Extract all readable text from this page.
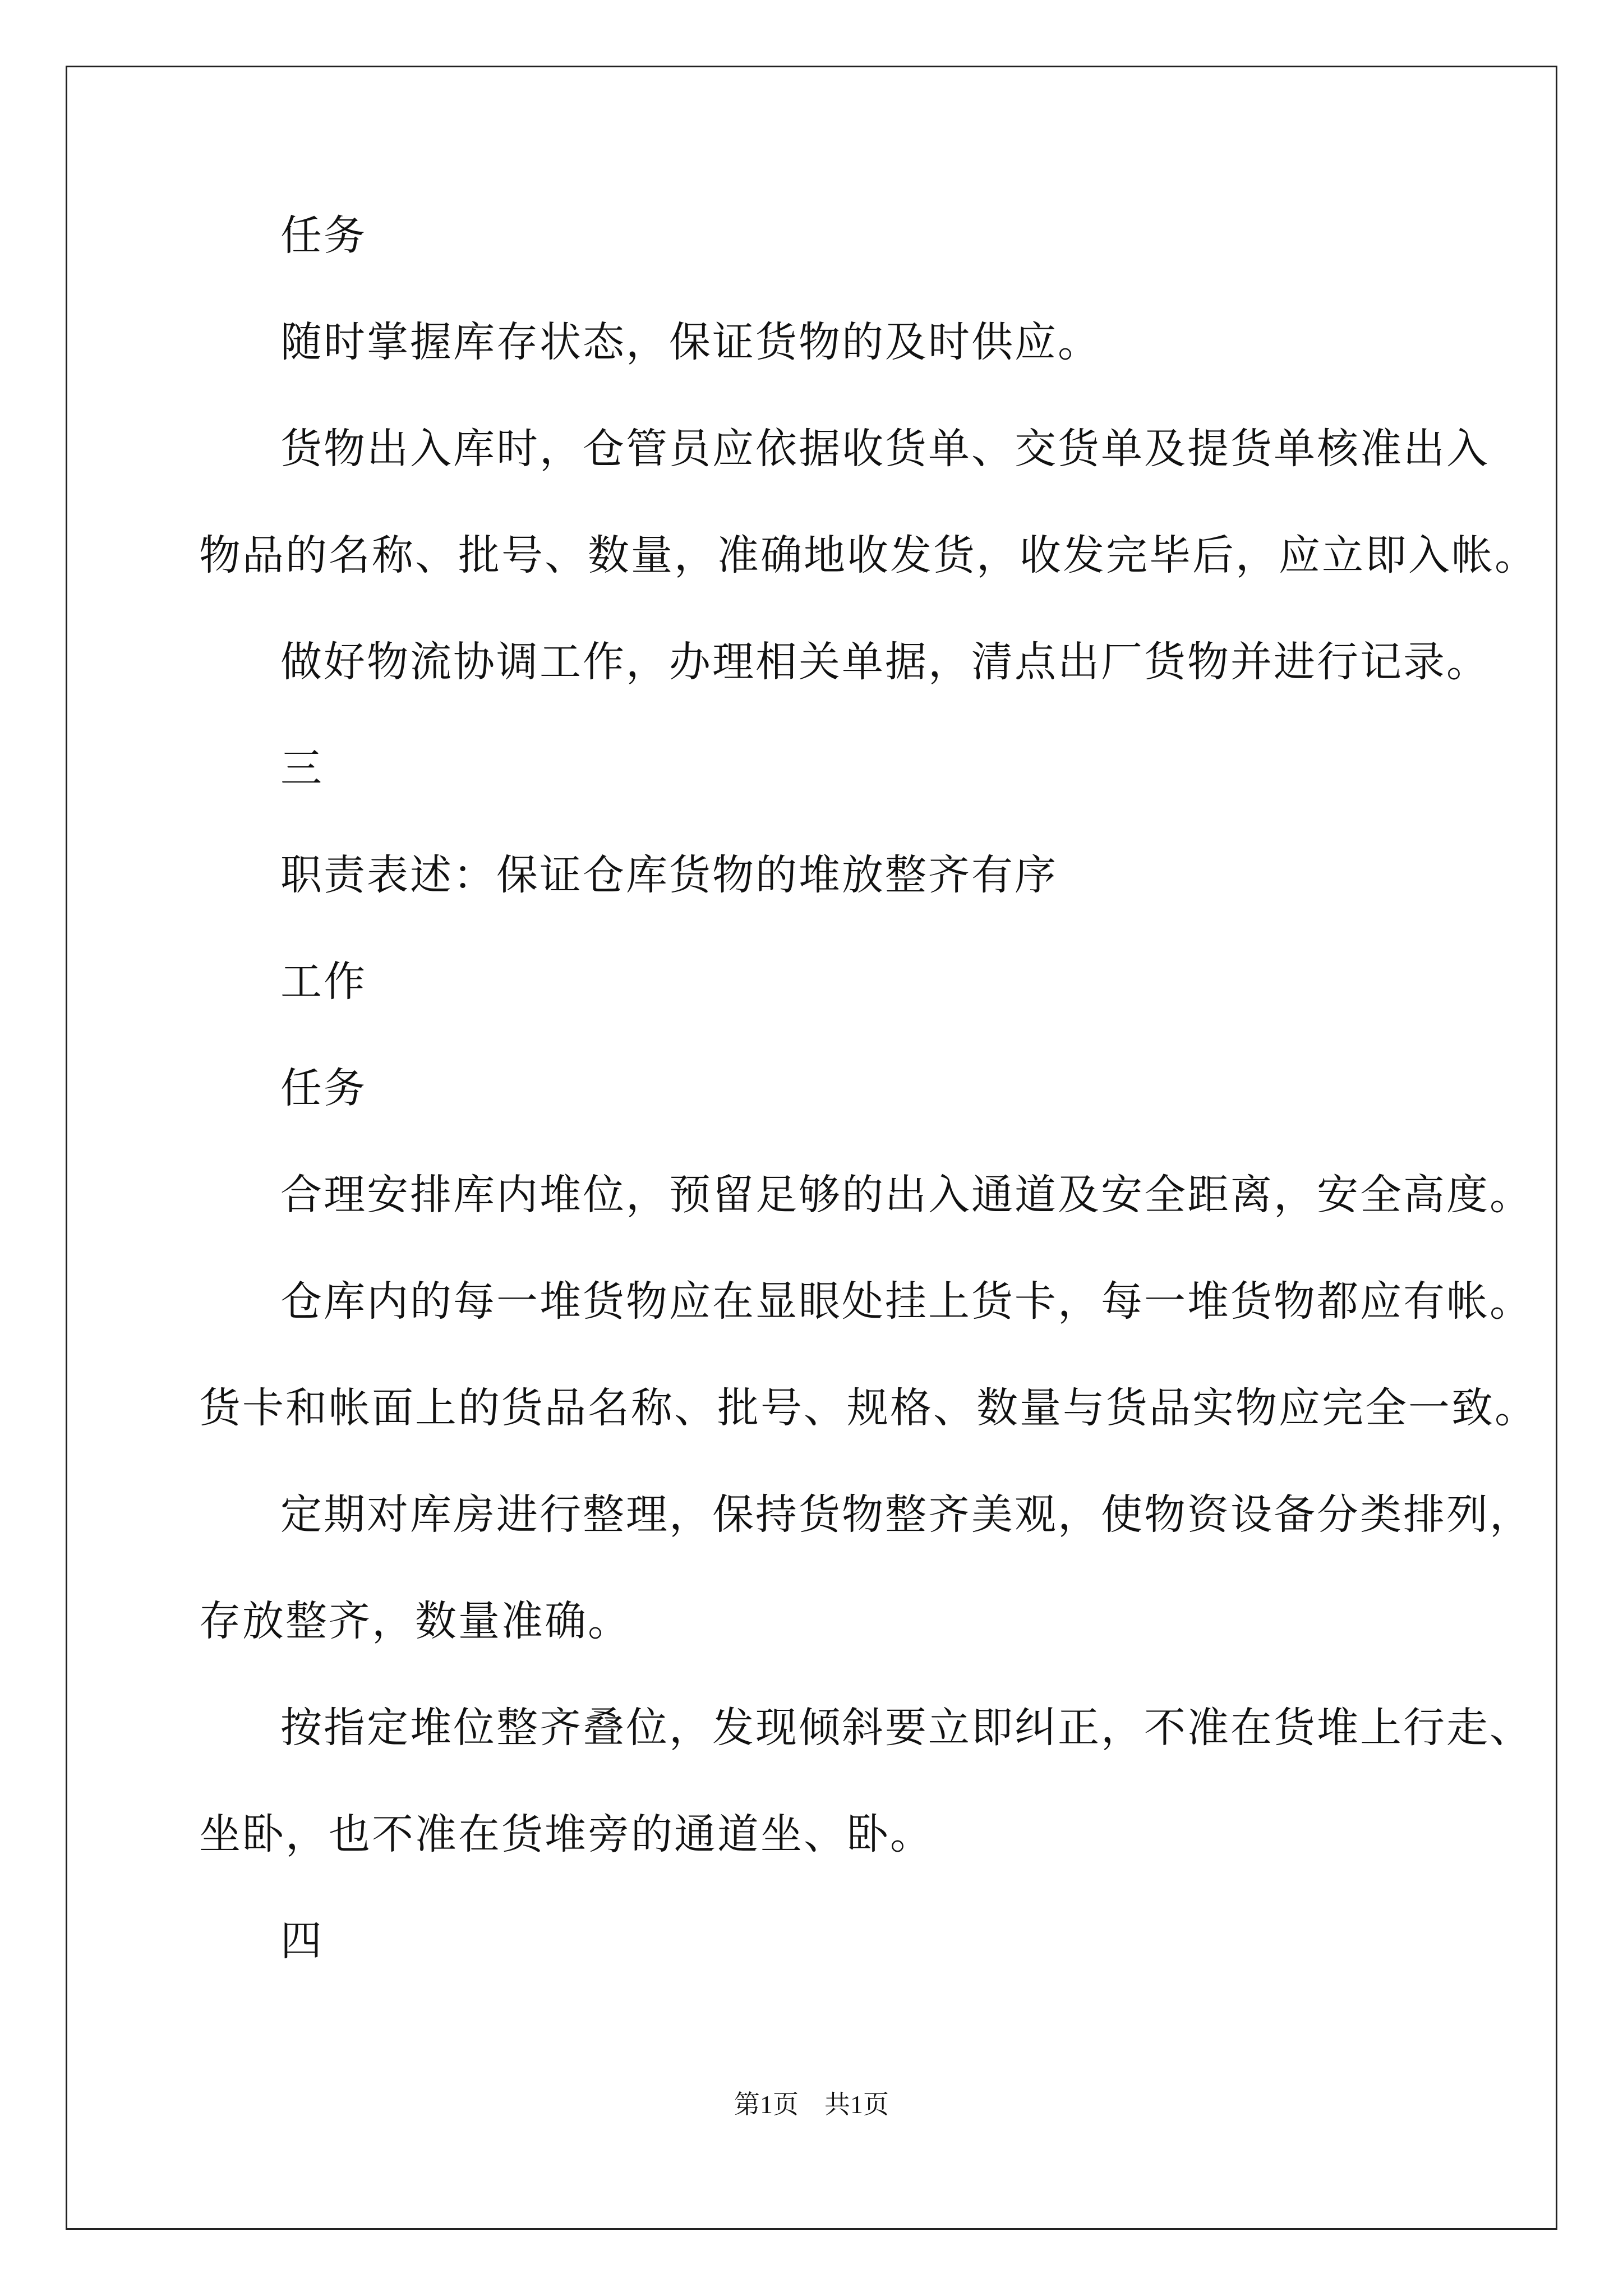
任务
随时掌握库存状态，保证货物的及时供应。
货物出入库时，仓管员应依据收货单、交货单及提货单核准出入
物品的名称、批号、数量，准确地收发货，收发完毕后，应立即入帐。
做好物流协调工作，办理相关单据，清点出厂货物并进行记录。
三
职责表述：保证仓库货物的堆放整齐有序
工作
任务
合理安排库内堆位，预留足够的出入通道及安全距离，安全高度。
仓库内的每一堆货物应在显眼处挂上货卡，每一堆货物都应有帐。
货卡和帐面上的货品名称、批号、规格、数量与货品实物应完全一致。
定期对库房进行整理，保持货物整齐美观，使物资设备分类排列，
存放整齐，数量准确。
按指定堆位整齐叠位，发现倾斜要立即纠正，不准在货堆上行走、
坐卧，也不准在货堆旁的通道坐、卧。
四
第1页　共1页
